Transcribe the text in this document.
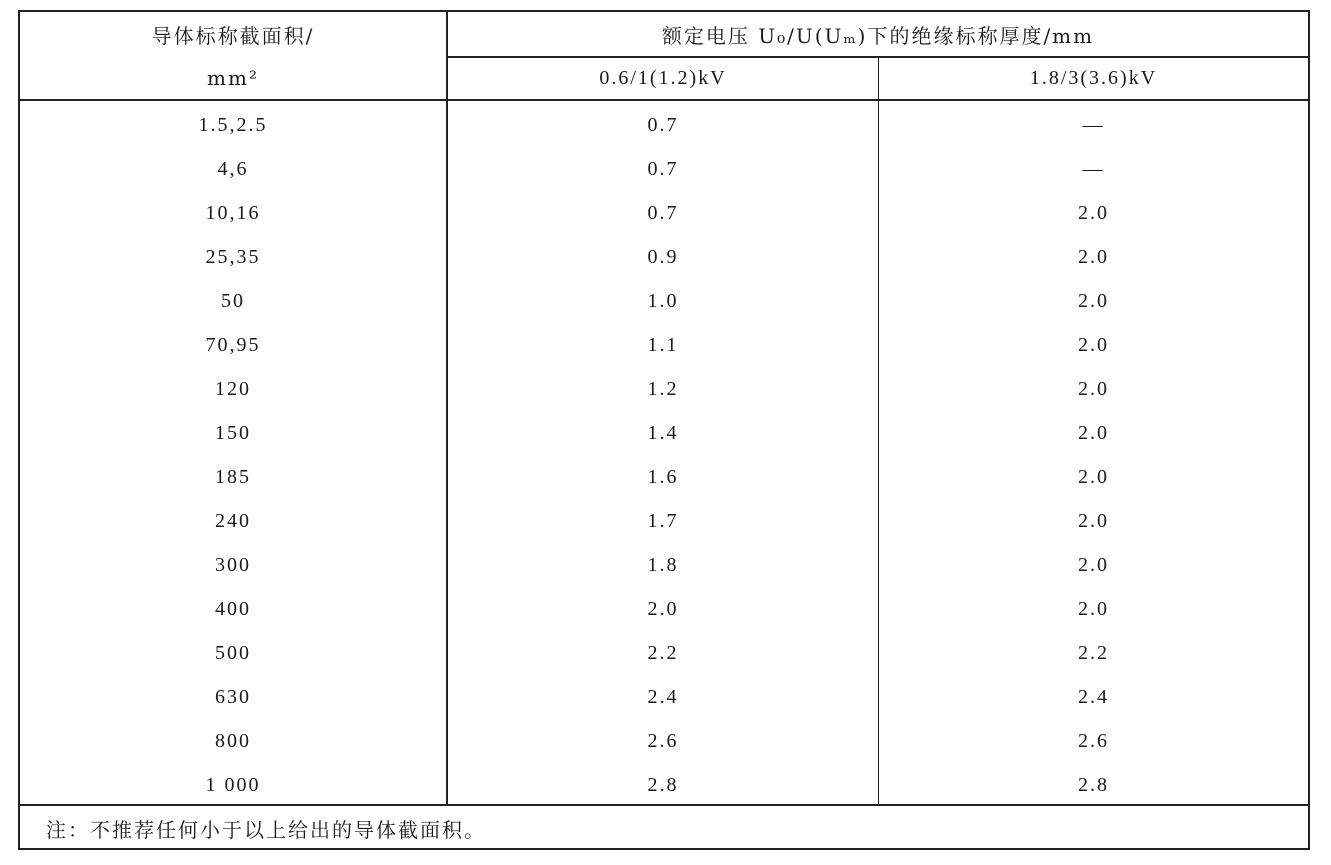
导体标称截面积/
mm²
额定电压 U₀/U(Uₘ)下的绝缘标称厚度/mm
0.6/1(1.2)kV	1.8/3(3.6)kV
1.5,2.5	0.7	—
4,6	0.7	—
10,16	0.7	2.0
25,35	0.9	2.0
50	1.0	2.0
70,95	1.1	2.0
120	1.2	2.0
150	1.4	2.0
185	1.6	2.0
240	1.7	2.0
300	1.8	2.0
400	2.0	2.0
500	2.2	2.2
630	2.4	2.4
800	2.6	2.6
1 000	2.8	2.8
注：不推荐任何小于以上给出的导体截面积。
